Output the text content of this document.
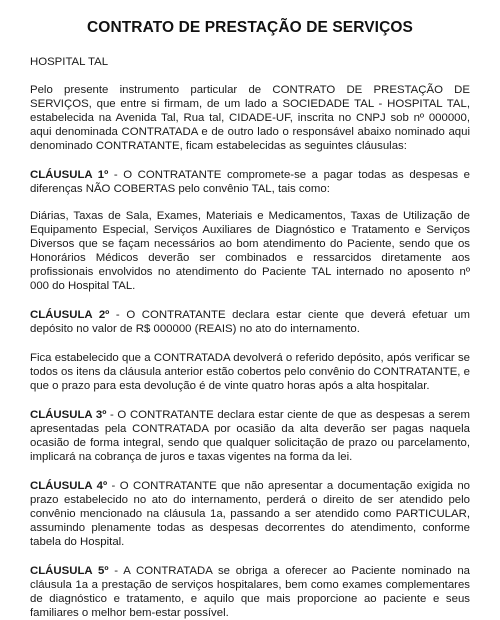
CONTRATO DE PRESTAÇÃO DE SERVIÇOS

HOSPITAL TAL

Pelo presente instrumento particular de CONTRATO DE PRESTAÇÃO DE SERVIÇOS, que entre si firmam, de um lado a SOCIEDADE TAL - HOSPITAL TAL, estabelecida na Avenida Tal, Rua tal, CIDADE-UF, inscrita no CNPJ sob nº 000000, aqui denominada CONTRATADA e de outro lado o responsável abaixo nominado aqui denominado CONTRATANTE, ficam estabelecidas as seguintes cláusulas:

CLÁUSULA 1º - O CONTRATANTE compromete-se a pagar todas as despesas e diferenças NÃO COBERTAS pelo convênio TAL, tais como:

Diárias, Taxas de Sala, Exames, Materiais e Medicamentos, Taxas de Utilização de Equipamento Especial, Serviços Auxiliares de Diagnóstico e Tratamento e Serviços Diversos que se façam necessários ao bom atendimento do Paciente, sendo que os Honorários Médicos deverão ser combinados e ressarcidos diretamente aos profissionais envolvidos no atendimento do Paciente TAL internado no aposento nº 000 do Hospital TAL.

CLÁUSULA 2º - O CONTRATANTE declara estar ciente que deverá efetuar um depósito no valor de R$ 000000 (REAIS) no ato do internamento.

Fica estabelecido que a CONTRATADA devolverá o referido depósito, após verificar se todos os itens da cláusula anterior estão cobertos pelo convênio do CONTRATANTE, e que o prazo para esta devolução é de vinte quatro horas após a alta hospitalar.

CLÁUSULA 3º - O CONTRATANTE declara estar ciente de que as despesas a serem apresentadas pela CONTRATADA por ocasião da alta deverão ser pagas naquela ocasião de forma integral, sendo que qualquer solicitação de prazo ou parcelamento, implicará na cobrança de juros e taxas vigentes na forma da lei.

CLÁUSULA 4º - O CONTRATANTE que não apresentar a documentação exigida no prazo estabelecido no ato do internamento, perderá o direito de ser atendido pelo convênio mencionado na cláusula 1a, passando a ser atendido como PARTICULAR, assumindo plenamente todas as despesas decorrentes do atendimento, conforme tabela do Hospital.

CLÁUSULA 5º - A CONTRATADA se obriga a oferecer ao Paciente nominado na cláusula 1a a prestação de serviços hospitalares, bem como exames complementares de diagnóstico e tratamento, e aquilo que mais proporcione ao paciente e seus familiares o melhor bem-estar possível.
